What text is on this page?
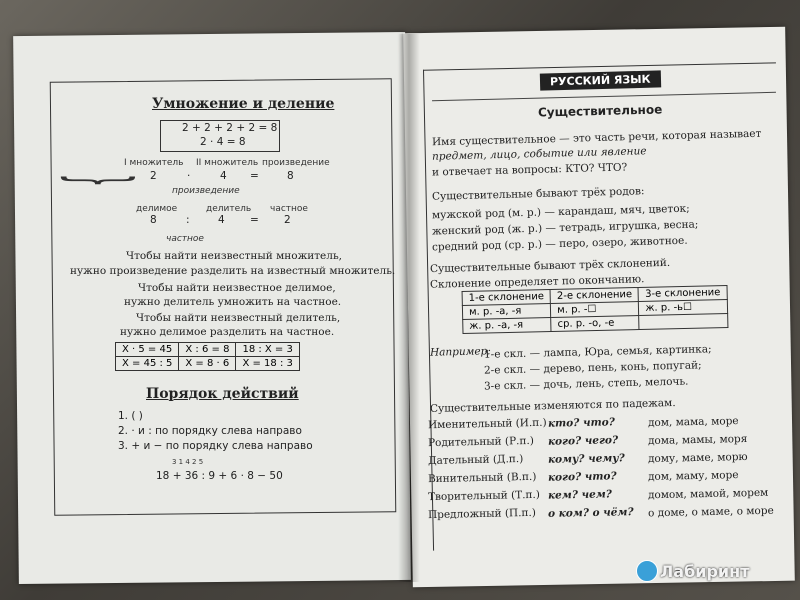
Умножение и деление
2 + 2 + 2 + 2 = 8
2 · 4 = 8
I множитель II множитель произведение
2	·	4 =	8
}
произведение
делимое	делитель частное
8	:	4 = 2
частное
Чтобы найти неизвестный множитель,
нужно произведение разделить на известный множитель.
Чтобы найти неизвестное делимое,
нужно делитель умножить на частное.
Чтобы найти неизвестный делитель,
нужно делимое разделить на частное.
X · 5 = 45	X : 6 = 8	18 : X = 3
X = 45 : 5	X = 8 · 6	X = 18 : 3
Порядок действий
1. ( )
2. · и : по порядку слева направо
3. + и − по порядку слева направо
3 1 4 2 5
18 + 36 : 9 + 6 · 8 − 50
РУССКИЙ ЯЗЫК
Существительное
Имя существительное — это часть речи, которая называет
предмет, лицо, событие или явление
и отвечает на вопросы: КТО? ЧТО?
Существительные бывают трёх родов:
мужской род (м. р.) — карандаш, мяч, цветок;
женский род (ж. р.) — тетрадь, игрушка, весна;
средний род (ср. р.) — перо, озеро, животное.
Существительные бывают трёх склонений.
Склонение определяет по окончанию.
1-е склонение	2-е склонение	3-е склонение
м. р. -а, -я	м. р. -☐	ж. р. -ь☐
ж. р. -а, -я	ср. р. -о, -е	
Например:
1-е скл. — лампа, Юра, семья, картинка;
2-е скл. — дерево, пень, конь, попугай;
3-е скл. — дочь, лень, степь, мелочь.
Существительные изменяются по падежам.
Именительный (И.п.) кто? что?	дом, мама, море
Родительный (Р.п.) кого? чего?	дома, мамы, моря
Дательный (Д.п.) кому? чему? дому, маме, морю
Винительный (В.п.) кого? что?	дом, маму, море
Творительный (Т.п.) кем? чем?	домом, мамой, морем
Предложный (П.п.) о ком? о чём? о доме, о маме, о море
Лабиринт
